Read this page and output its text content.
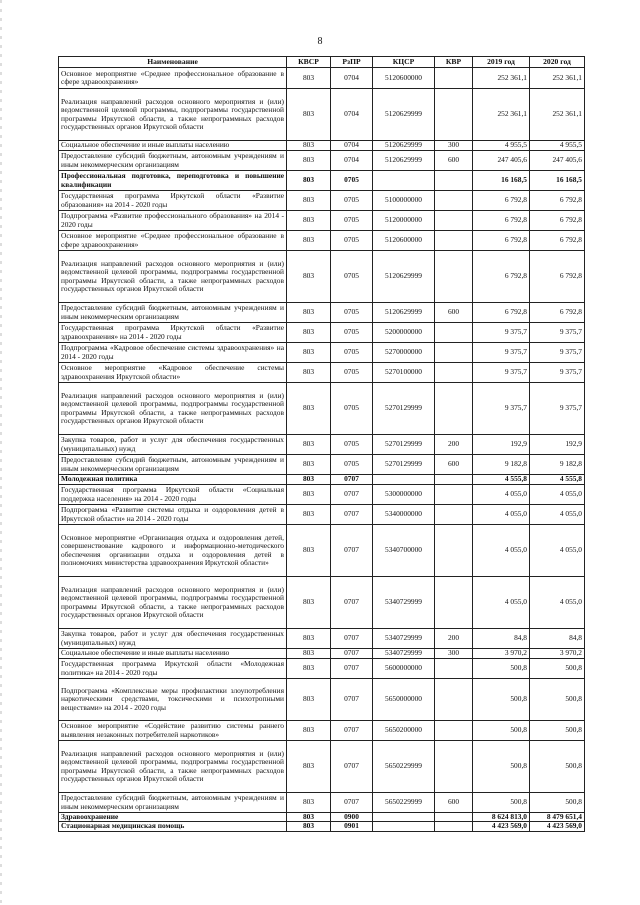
8
Наименование	КВСР	РзПР	КЦСР	КВР	2019 год	2020 год
Основное мероприятие «Среднее профессиональное образование в сфере здравоохранения»	803	0704	5120600000		252 361,1	252 361,1
Реализация направлений расходов основного мероприятия и (или) ведомственной целевой программы, подпрограммы государственной программы Иркутской области, а также непрограммных расходов государственных органов Иркутской области	803	0704	5120629999		252 361,1	252 361,1
Социальное обеспечение и иные выплаты населению	803	0704	5120629999	300	4 955,5	4 955,5
Предоставление субсидий бюджетным, автономным учреждениям и иным некоммерческим организациям	803	0704	5120629999	600	247 405,6	247 405,6
Профессиональная подготовка, переподготовка и повышение квалификации	803	0705			16 168,5	16 168,5
Государственная программа Иркутской области «Развитие образования» на 2014 - 2020 годы	803	0705	5100000000		6 792,8	6 792,8
Подпрограмма «Развитие профессионального образования» на 2014 - 2020 годы	803	0705	5120000000		6 792,8	6 792,8
Основное мероприятие «Среднее профессиональное образование в сфере здравоохранения»	803	0705	5120600000		6 792,8	6 792,8
Реализация направлений расходов основного мероприятия и (или) ведомственной целевой программы, подпрограммы государственной программы Иркутской области, а также непрограммных расходов государственных органов Иркутской области	803	0705	5120629999		6 792,8	6 792,8
Предоставление субсидий бюджетным, автономным учреждениям и иным некоммерческим организациям	803	0705	5120629999	600	6 792,8	6 792,8
Государственная программа Иркутской области «Развитие здравоохранения» на 2014 - 2020 годы	803	0705	5200000000		9 375,7	9 375,7
Подпрограмма «Кадровое обеспечение системы здравоохранения» на 2014 - 2020 годы	803	0705	5270000000		9 375,7	9 375,7
Основное мероприятие «Кадровое обеспечение системы здравоохранения Иркутской области»	803	0705	5270100000		9 375,7	9 375,7
Реализация направлений расходов основного мероприятия и (или) ведомственной целевой программы, подпрограммы государственной программы Иркутской области, а также непрограммных расходов государственных органов Иркутской области	803	0705	5270129999		9 375,7	9 375,7
Закупка товаров, работ и услуг для обеспечения государственных (муниципальных) нужд	803	0705	5270129999	200	192,9	192,9
Предоставление субсидий бюджетным, автономным учреждениям и иным некоммерческим организациям	803	0705	5270129999	600	9 182,8	9 182,8
Молодежная политика	803	0707			4 555,8	4 555,8
Государственная программа Иркутской области «Социальная поддержка населения» на 2014 - 2020 годы	803	0707	5300000000		4 055,0	4 055,0
Подпрограмма «Развитие системы отдыха и оздоровления детей в Иркутской области» на 2014 - 2020 годы	803	0707	5340000000		4 055,0	4 055,0
Основное мероприятие «Организация отдыха и оздоровления детей, совершенствование кадрового и информационно-методического обеспечения организации отдыха и оздоровления детей в полномочиях министерства здравоохранения Иркутской области»	803	0707	5340700000		4 055,0	4 055,0
Реализация направлений расходов основного мероприятия и (или) ведомственной целевой программы, подпрограммы государственной программы Иркутской области, а также непрограммных расходов государственных органов Иркутской области	803	0707	5340729999		4 055,0	4 055,0
Закупка товаров, работ и услуг для обеспечения государственных (муниципальных) нужд	803	0707	5340729999	200	84,8	84,8
Социальное обеспечение и иные выплаты населению	803	0707	5340729999	300	3 970,2	3 970,2
Государственная программа Иркутской области «Молодежная политика» на 2014 - 2020 годы	803	0707	5600000000		500,8	500,8
Подпрограмма «Комплексные меры профилактики злоупотребления наркотическими средствами, токсическими и психотропными веществами» на 2014 - 2020 годы	803	0707	5650000000		500,8	500,8
Основное мероприятие «Содействие развитию системы раннего выявления незаконных потребителей наркотиков»	803	0707	5650200000		500,8	500,8
Реализация направлений расходов основного мероприятия и (или) ведомственной целевой программы, подпрограммы государственной программы Иркутской области, а также непрограммных расходов государственных органов Иркутской области	803	0707	5650229999		500,8	500,8
Предоставление субсидий бюджетным, автономным учреждениям и иным некоммерческим организациям	803	0707	5650229999	600	500,8	500,8
Здравоохранение	803	0900			8 624 813,0	8 479 651,4
Стационарная медицинская помощь	803	0901			4 423 569,0	4 423 569,0
